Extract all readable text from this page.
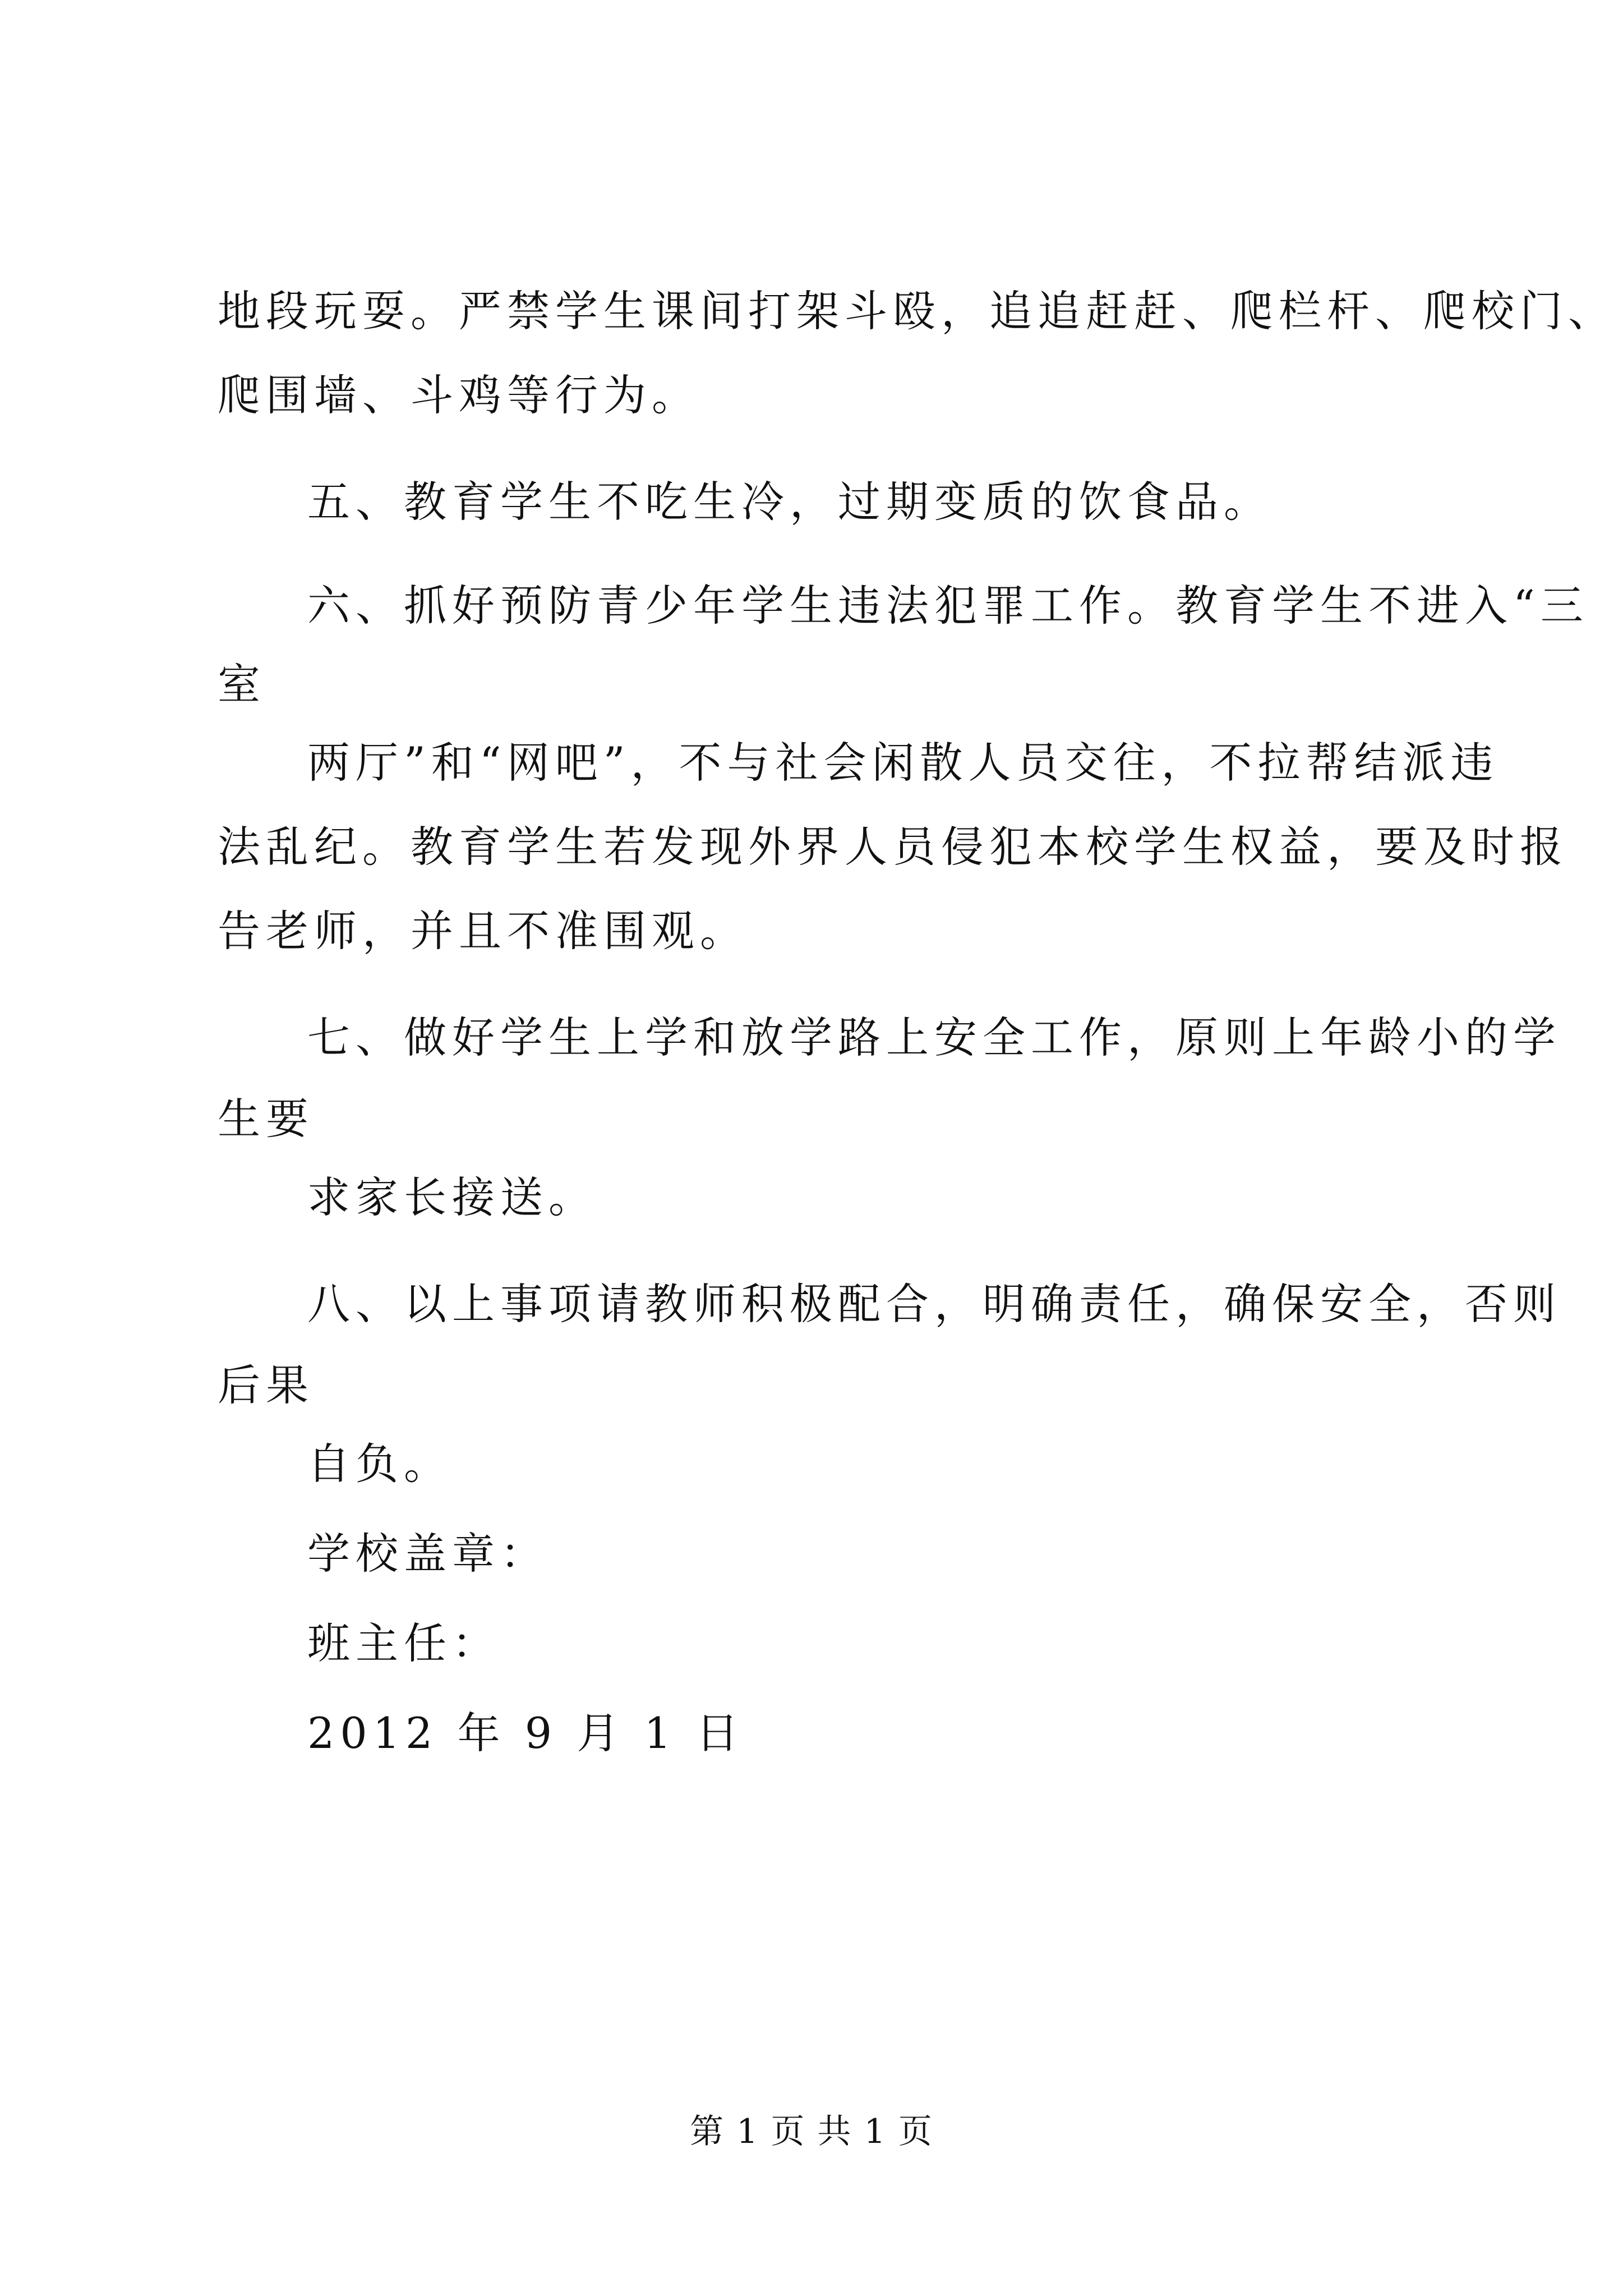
地段玩耍。严禁学生课间打架斗殴，追追赶赶、爬栏杆、爬校门、
爬围墙、斗鸡等行为。
五、教育学生不吃生冷，过期变质的饮食品。
六、抓好预防青少年学生违法犯罪工作。教育学生不进入“三
两厅”和“网吧”，不与社会闲散人员交往，不拉帮结派违
法乱纪。教育学生若发现外界人员侵犯本校学生权益，要及时报
告老师，并且不准围观。
七、做好学生上学和放学路上安全工作，原则上年龄小的学
求家长接送。
八、以上事项请教师积极配合，明确责任，确保安全，否则
自负。
学校盖章：
班主任：
2012 年 9 月 1 日
第 1 页 共 1 页
室
生要
后果
